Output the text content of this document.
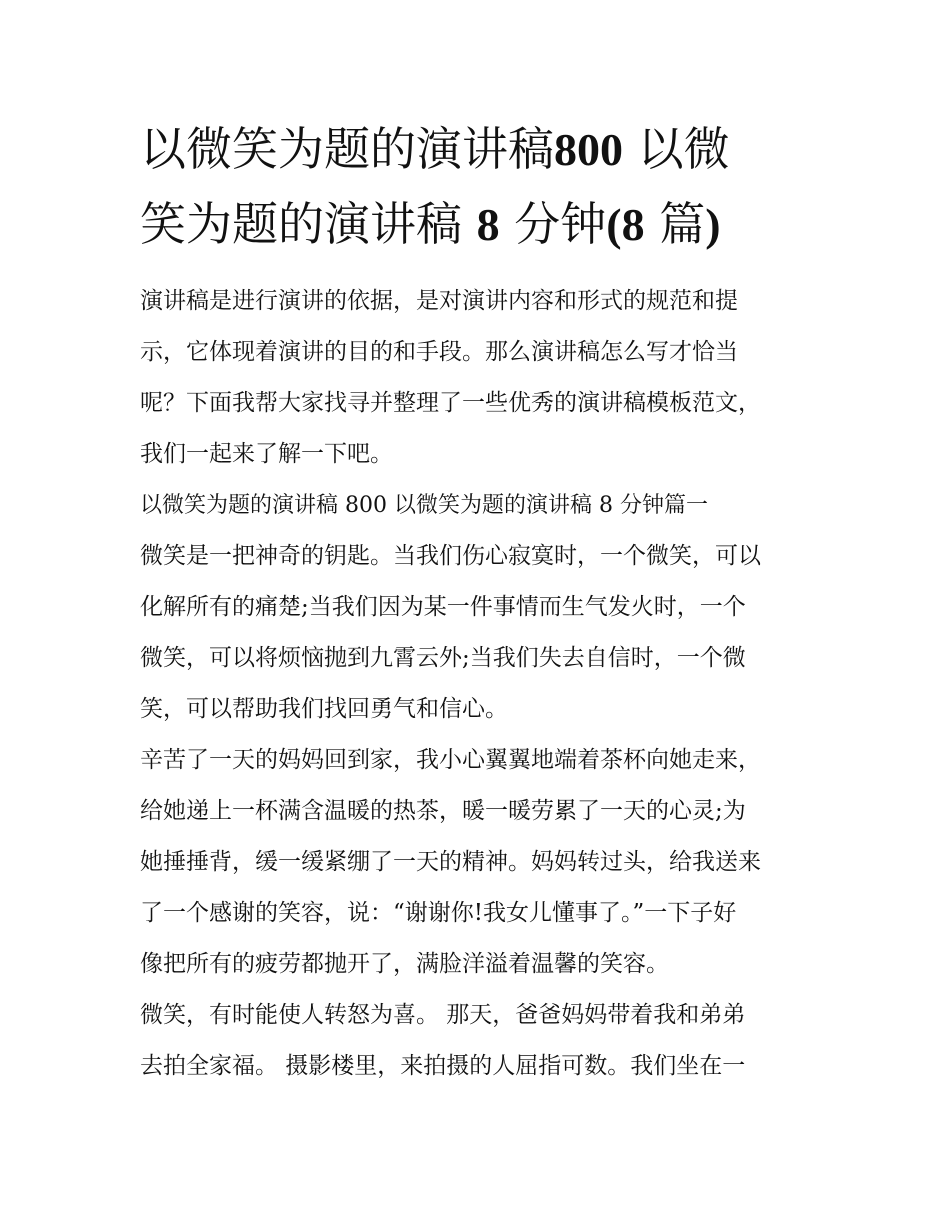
以微笑为题的演讲稿800 以微
笑为题的演讲稿 8 分钟(8 篇)

演讲稿是进行演讲的依据，是对演讲内容和形式的规范和提
示，它体现着演讲的目的和手段。那么演讲稿怎么写才恰当
呢？下面我帮大家找寻并整理了一些优秀的演讲稿模板范文，
我们一起来了解一下吧。

以微笑为题的演讲稿 800 以微笑为题的演讲稿 8 分钟篇一

微笑是一把神奇的钥匙。当我们伤心寂寞时，一个微笑，可以
化解所有的痛楚;当我们因为某一件事情而生气发火时，一个
微笑，可以将烦恼抛到九霄云外;当我们失去自信时，一个微
笑，可以帮助我们找回勇气和信心。

辛苦了一天的妈妈回到家，我小心翼翼地端着茶杯向她走来，
给她递上一杯满含温暖的热茶，暖一暖劳累了一天的心灵;为
她捶捶背，缓一缓紧绷了一天的精神。妈妈转过头，给我送来
了一个感谢的笑容，说：“谢谢你!我女儿懂事了。”一下子好
像把所有的疲劳都抛开了，满脸洋溢着温馨的笑容。

微笑，有时能使人转怒为喜。 那天，爸爸妈妈带着我和弟弟
去拍全家福。 摄影楼里，来拍摄的人屈指可数。我们坐在一
